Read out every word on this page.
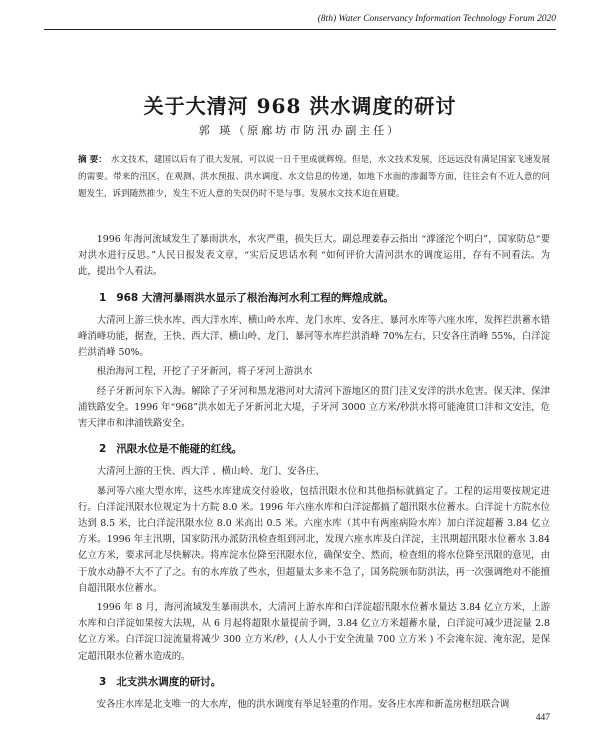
(8th) Water Conservancy Information Technology Forum 2020
关于大清河 968 洪水调度的研讨
郭 瑛（原廊坊市防汛办副主任）
摘 要： 水文技术，建国以后有了很大发展，可以说一日千里成就辉煌。但是，水文技术发展，还远远没有满足国家飞速发展的需要。带来的汛区，在观测、洪水预报、洪水调度、水文信息的传递，如地下水面的渗漏等方面，往往会有不近人意的问题发生，诉到随然推少，发生不近人意的失误仍时不是与事。发展水文技术迫在眉睫。

1996 年海河流域发生了暴雨洪水，水灾严重，损失巨大。副总理姜春云指出 “滹滏沱个明白”，国家防总“要对洪水进行反思。”人民日报发表文章，“实后反思话水利 “如何评价大清河洪水的调度运用，存有不同看法。为此，提出个人看法。

1 968 大清河暴雨洪水显示了根治海河水利工程的辉煌成就。

大清河上游三快水库、西大洋水库、横山岭水库、龙门水库、安各庄、暴河水库等六座水库，发挥拦洪蓄水错峰消峰功能，据查，王快、西大洋、横山岭、龙门、暴河等水库拦洪消峰 70%左右，只安各庄消峰 55%，白洋淀拦洪消峰 50%。

根治海河工程，开挖了子牙新河，将子牙河上游洪水

经子牙新河东下入海。解除了子牙河和黑龙港河对大清河下游地区的贯门洼叉安洋的洪水危害。保天津、保津浦铁路安全。1996 年“968”洪水如无子牙新河北大堤，子牙河 3000 立方米/秒洪水将可能淹贯口沣和文安洼，危害天津市和津浦铁路安全。

2 汛限水位是不能碰的红线。

大清河上游的王快、西大洋 、横山岭、龙门、安各庄、

暴河等六座大型水库，这些水库建成交付验收，包括汛限水位和其他指标就搞定了。工程的运用要按规定进行。白洋淀汛限水位规定为十方院 8.0 米。1996 年六座水库和白洋淀都搞了超汛限水位蓄水。白洋淀十方院水位达到 8.5 米，比白洋淀汛限水位 8.0 米高出 0.5 米。六座水库（其中有两座病险水库）加白洋淀超蓄 3.84 亿立方米。1996 年主汛期，国家防汛办派防汛检查组到河北，发现六座水库及白洋淀，主汛期超汛限水位蓄水 3.84 亿立方米，要求河北尽快解决。将库淀水位降至汛限水位，确保安全、然而，检查组的将水位降至汛限的意见，由于放水动静不大不了了之。有的水库放了些水，但超量太多来不急了，国务院颁布防洪法，再一次强调绝对不能擅自超汛限水位蓄水。

1996 年 8 月，海河流域发生暴雨洪水，大清河上游水库和白洋淀超汛限水位蓄水量达 3.84 亿立方米，上游水库和白洋淀如果按大法规，从 6 月起将超限水量提前予调，3.84 亿立方米超蓄水量，白洋淀可减少进淀量 2.8 亿立方米。白洋淀口淀流量将减少 300 立方米/秒，(人人小于安全流量 700 立方米 ) 不会淹东淀、淹东泥，是保定超汛限水位蓄水造成的。

3 北支洪水调度的研讨。

安各庄水库是北支唯一的大水库，他的洪水调度有举足轻重的作用。安各庄水库和新盖房枢纽联合调

447
